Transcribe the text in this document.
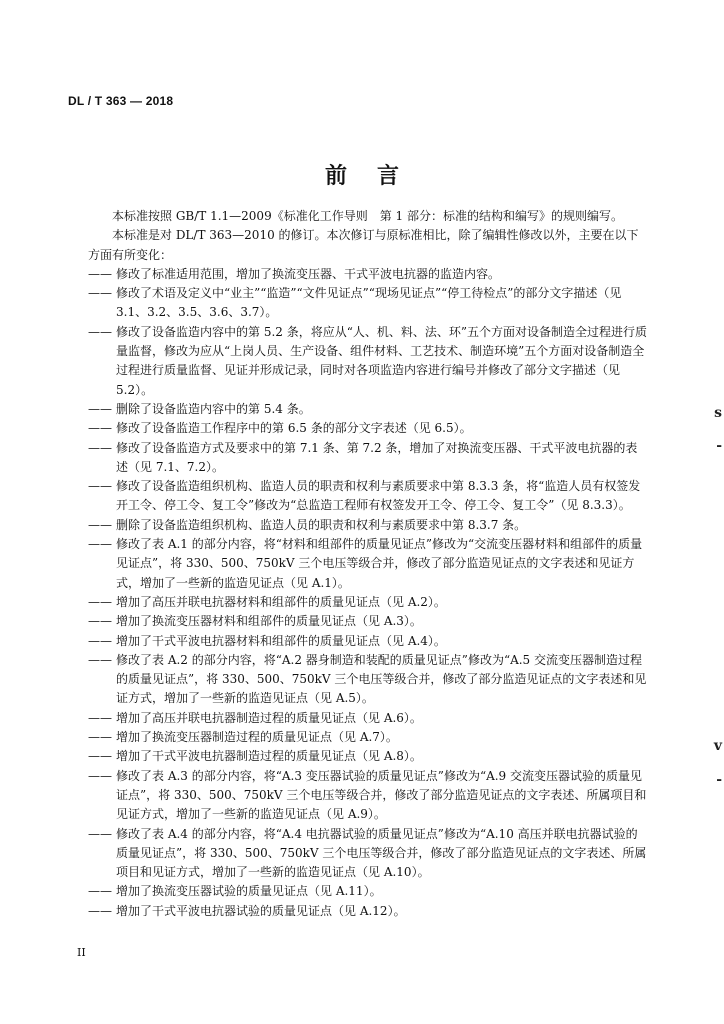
DL / T 363 — 2018
前言

本标准按照 GB/T 1.1—2009《标准化工作导则　第 1 部分：标准的结构和编写》的规则编写。

本标准是对 DL/T 363—2010 的修订。本次修订与原标准相比，除了编辑性修改以外，主要在以下

方面有所变化：

—— 修改了标准适用范围，增加了换流变压器、干式平波电抗器的监造内容。

—— 修改了术语及定义中“业主”“监造”“文件见证点”“现场见证点”“停工待检点”的部分文字描述（见 3.1、3.2、3.5、3.6、3.7）。

—— 修改了设备监造内容中的第 5.2 条，将应从“人、机、料、法、环”五个方面对设备制造全过程进行质量监督，修改为应从“上岗人员、生产设备、组件材料、工艺技术、制造环境”五个方面对设备制造全过程进行质量监督、见证并形成记录，同时对各项监造内容进行编号并修改了部分文字描述（见 5.2）。

—— 删除了设备监造内容中的第 5.4 条。

—— 修改了设备监造工作程序中的第 6.5 条的部分文字表述（见 6.5）。

—— 修改了设备监造方式及要求中的第 7.1 条、第 7.2 条，增加了对换流变压器、干式平波电抗器的表述（见 7.1、7.2）。

—— 修改了设备监造组织机构、监造人员的职责和权利与素质要求中第 8.3.3 条，将“监造人员有权签发开工令、停工令、复工令”修改为“总监造工程师有权签发开工令、停工令、复工令”（见 8.3.3）。

—— 删除了设备监造组织机构、监造人员的职责和权利与素质要求中第 8.3.7 条。

—— 修改了表 A.1 的部分内容，将“材料和组部件的质量见证点”修改为“交流变压器材料和组部件的质量见证点”，将 330、500、750kV 三个电压等级合并，修改了部分监造见证点的文字表述和见证方式，增加了一些新的监造见证点（见 A.1）。

—— 增加了高压并联电抗器材料和组部件的质量见证点（见 A.2）。

—— 增加了换流变压器材料和组部件的质量见证点（见 A.3）。

—— 增加了干式平波电抗器材料和组部件的质量见证点（见 A.4）。

—— 修改了表 A.2 的部分内容，将“A.2 器身制造和装配的质量见证点”修改为“A.5 交流变压器制造过程的质量见证点”，将 330、500、750kV 三个电压等级合并，修改了部分监造见证点的文字表述和见证方式，增加了一些新的监造见证点（见 A.5）。

—— 增加了高压并联电抗器制造过程的质量见证点（见 A.6）。

—— 增加了换流变压器制造过程的质量见证点（见 A.7）。

—— 增加了干式平波电抗器制造过程的质量见证点（见 A.8）。

—— 修改了表 A.3 的部分内容，将“A.3 变压器试验的质量见证点”修改为“A.9 交流变压器试验的质量见证点”，将 330、500、750kV 三个电压等级合并，修改了部分监造见证点的文字表述、所属项目和见证方式，增加了一些新的监造见证点（见 A.9）。

—— 修改了表 A.4 的部分内容，将“A.4 电抗器试验的质量见证点”修改为“A.10 高压并联电抗器试验的质量见证点”，将 330、500、750kV 三个电压等级合并，修改了部分监造见证点的文字表述、所属项目和见证方式，增加了一些新的监造见证点（见 A.10）。

—— 增加了换流变压器试验的质量见证点（见 A.11）。

—— 增加了干式平波电抗器试验的质量见证点（见 A.12）。

II
s
-
v
-
